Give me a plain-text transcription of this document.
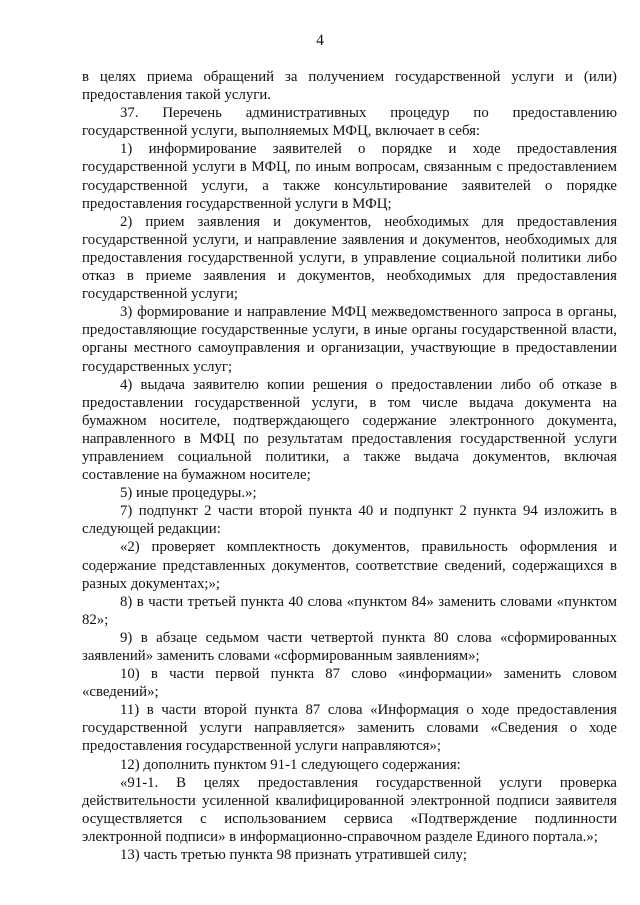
4

в целях приема обращений за получением государственной услуги и (или) предоставления такой услуги.

37. Перечень административных процедур по предоставлению государственной услуги, выполняемых МФЦ, включает в себя:

1) информирование заявителей о порядке и ходе предоставления государственной услуги в МФЦ, по иным вопросам, связанным с предоставлением государственной услуги, а также консультирование заявителей о порядке предоставления государственной услуги в МФЦ;

2) прием заявления и документов, необходимых для предоставления государственной услуги, и направление заявления и документов, необходимых для предоставления государственной услуги, в управление социальной политики либо отказ в приеме заявления и документов, необходимых для предоставления государственной услуги;

3) формирование и направление МФЦ межведомственного запроса в органы, предоставляющие государственные услуги, в иные органы государственной власти, органы местного самоуправления и организации, участвующие в предоставлении государственных услуг;

4) выдача заявителю копии решения о предоставлении либо об отказе в предоставлении государственной услуги, в том числе выдача документа на бумажном носителе, подтверждающего содержание электронного документа, направленного в МФЦ по результатам предоставления государственной услуги управлением социальной политики, а также выдача документов, включая составление на бумажном носителе;

5) иные процедуры.»;

7) подпункт 2 части второй пункта 40 и подпункт 2 пункта 94 изложить в следующей редакции:

«2) проверяет комплектность документов, правильность оформления и содержание представленных документов, соответствие сведений, содержащихся в разных документах;»;

8) в части третьей пункта 40 слова «пунктом 84» заменить словами «пунктом 82»;

9) в абзаце седьмом части четвертой пункта 80 слова «сформированных заявлений» заменить словами «сформированным заявлениям»;

10) в части первой пункта 87 слово «информации» заменить словом «сведений»;

11) в части второй пункта 87 слова «Информация о ходе предоставления государственной услуги направляется» заменить словами «Сведения о ходе предоставления государственной услуги направляются»;

12) дополнить пунктом 91-1 следующего содержания:

«91-1. В целях предоставления государственной услуги проверка действительности усиленной квалифицированной электронной подписи заявителя осуществляется с использованием сервиса «Подтверждение подлинности электронной подписи» в информационно-справочном разделе Единого портала.»;

13) часть третью пункта 98 признать утратившей силу;
